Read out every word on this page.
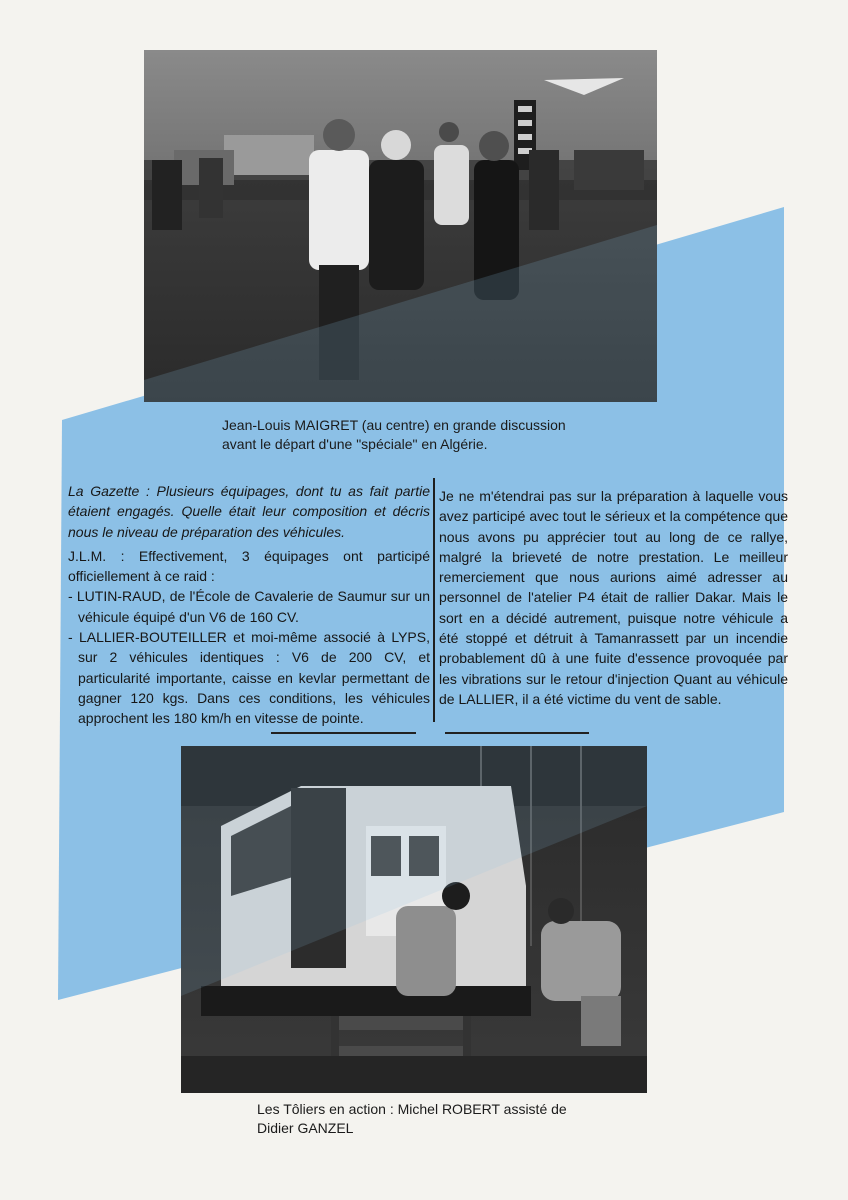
Jean-Louis MAIGRET (au centre) en grande discussion
avant le départ d'une "spéciale" en Algérie.

La Gazette : Plusieurs équipages, dont tu as fait partie étaient engagés. Quelle était leur composition et décris nous le niveau de préparation des véhicules.

J.L.M. : Effectivement, 3 équipages ont participé officiellement à ce raid :

- LUTIN-RAUD, de l'École de Cavalerie de Saumur sur un véhicule équipé d'un V6 de 160 CV.

- LALLIER-BOUTEILLER et moi-même associé à LYPS, sur 2 véhicules identiques : V6 de 200 CV, et particularité importante, caisse en kevlar permettant de gagner 120 kgs. Dans ces conditions, les véhicules approchent les 180 km/h en vitesse de pointe.

Je ne m'étendrai pas sur la préparation à laquelle vous avez participé avec tout le sérieux et la compétence que nous avons pu apprécier tout au long de ce rallye, malgré la brieveté de notre prestation. Le meilleur remerciement que nous aurions aimé adresser au personnel de l'atelier P4 était de rallier Dakar. Mais le sort en a décidé autrement, puisque notre véhicule a été stoppé et détruit à Tamanrassett par un incendie probablement dû à une fuite d'essence provoquée par les vibrations sur le retour d'injection Quant au véhicule de LALLIER, il a été victime du vent de sable.

Les Tôliers en action : Michel ROBERT assisté de
Didier GANZEL
